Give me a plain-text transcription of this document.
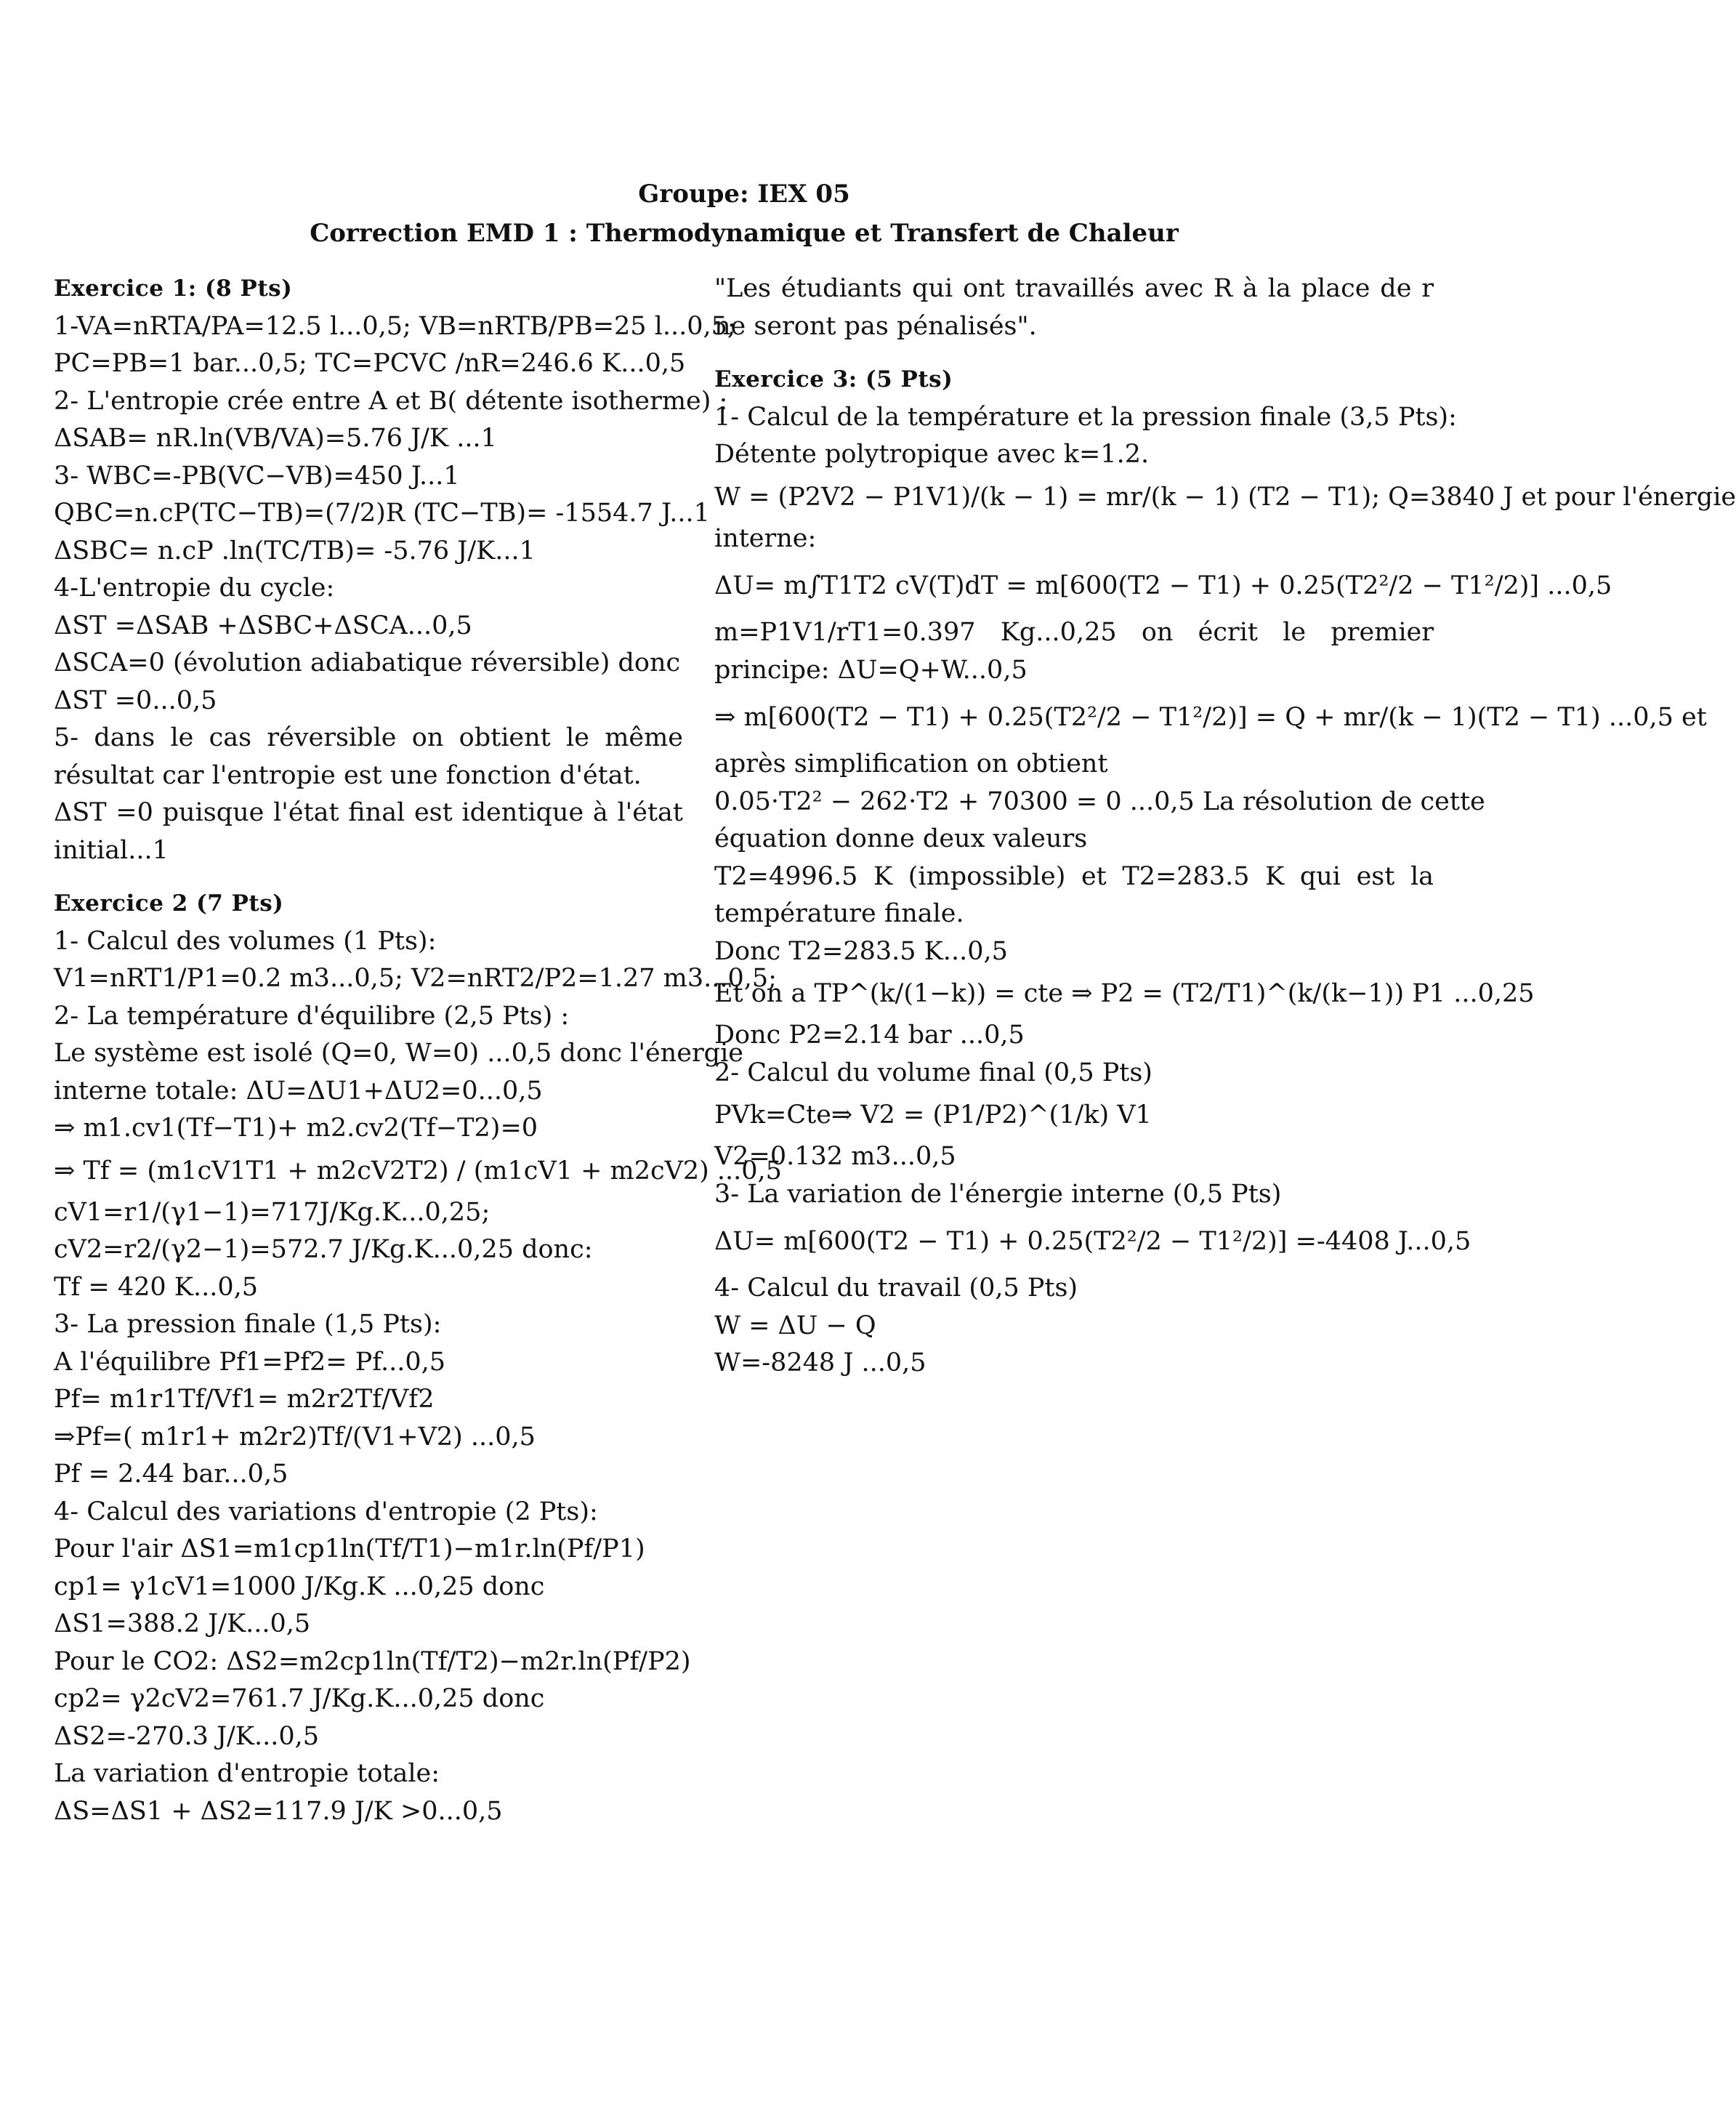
Groupe: IEX 05
Correction EMD 1 : Thermodynamique et Transfert de Chaleur
Exercice 1: (8 Pts)
1-VA=nRTA/PA=12.5 l...0,5; VB=nRTB/PB=25 l...0,5;
PC=PB=1 bar...0,5; TC=PCVC /nR=246.6 K...0,5
2- L'entropie crée entre A et B( détente isotherme) :
ΔSAB= nR.ln(VB/VA)=5.76 J/K ...1
3- WBC=-PB(VC−VB)=450 J...1
QBC=n.cP(TC−TB)=(7/2)R (TC−TB)= -1554.7 J...1
ΔSBC= n.cP .ln(TC/TB)= -5.76 J/K...1
4-L'entropie du cycle:
ΔST =ΔSAB +ΔSBC+ΔSCA...0,5
ΔSCA=0 (évolution adiabatique réversible) donc
ΔST =0...0,5
5- dans le cas réversible on obtient le même résultat car l'entropie est une fonction d'état.
ΔST =0 puisque l'état final est identique à l'état initial...1
Exercice 2 (7 Pts)
1- Calcul des volumes (1 Pts):
V1=nRT1/P1=0.2 m3...0,5; V2=nRT2/P2=1.27 m3...0,5;
2- La température d'équilibre (2,5 Pts) :
Le système est isolé (Q=0, W=0) ...0,5 donc l'énergie
interne totale: ΔU=ΔU1+ΔU2=0...0,5
⇒ m1.cv1(Tf−T1)+ m2.cv2(Tf−T2)=0
⇒ Tf = (m1cV1T1 + m2cV2T2) / (m1cV1 + m2cV2) ...0,5
cV1=r1/(γ1−1)=717J/Kg.K...0,25;
cV2=r2/(γ2−1)=572.7 J/Kg.K...0,25 donc:
Tf = 420 K...0,5
3- La pression finale (1,5 Pts):
A l'équilibre Pf1=Pf2= Pf...0,5
Pf= m1r1Tf/Vf1= m2r2Tf/Vf2
⇒Pf=( m1r1+ m2r2)Tf/(V1+V2) ...0,5
Pf = 2.44 bar...0,5
4- Calcul des variations d'entropie (2 Pts):
Pour l'air ΔS1=m1cp1ln(Tf/T1)−m1r.ln(Pf/P1)
cp1= γ1cV1=1000 J/Kg.K ...0,25 donc
ΔS1=388.2 J/K...0,5
Pour le CO2: ΔS2=m2cp1ln(Tf/T2)−m2r.ln(Pf/P2)
cp2= γ2cV2=761.7 J/Kg.K...0,25 donc
ΔS2=-270.3 J/K...0,5
La variation d'entropie totale:
ΔS=ΔS1 + ΔS2=117.9 J/K >0...0,5
"Les étudiants qui ont travaillés avec R à la place de r ne seront pas pénalisés".
Exercice 3: (5 Pts)
1- Calcul de la température et la pression finale (3,5 Pts):
Détente polytropique avec k=1.2.
W = (P2V2 − P1V1)/(k − 1) = mr/(k − 1) (T2 − T1); Q=3840 J et pour l'énergie
interne:
ΔU= m∫T1T2 cV(T)dT = m[600(T2 − T1) + 0.25(T2²/2 − T1²/2)] ...0,5
m=P1V1/rT1=0.397 Kg...0,25 on écrit le premier principe: ΔU=Q+W...0,5
⇒ m[600(T2 − T1) + 0.25(T2²/2 − T1²/2)] = Q + mr/(k − 1)(T2 − T1) ...0,5 et
après simplification on obtient
0.05·T2² − 262·T2 + 70300 = 0 ...0,5 La résolution de cette
équation donne deux valeurs
T2=4996.5 K (impossible) et T2=283.5 K qui est la température finale.
Donc T2=283.5 K...0,5
Et on a TP^(k/(1−k)) = cte ⇒ P2 = (T2/T1)^(k/(k−1)) P1 ...0,25
Donc P2=2.14 bar ...0,5
2- Calcul du volume final (0,5 Pts)
PVk=Cte⇒ V2 = (P1/P2)^(1/k) V1
V2=0.132 m3...0,5
3- La variation de l'énergie interne (0,5 Pts)
ΔU= m[600(T2 − T1) + 0.25(T2²/2 − T1²/2)] =-4408 J...0,5
4- Calcul du travail (0,5 Pts)
W = ΔU − Q
W=-8248 J ...0,5
